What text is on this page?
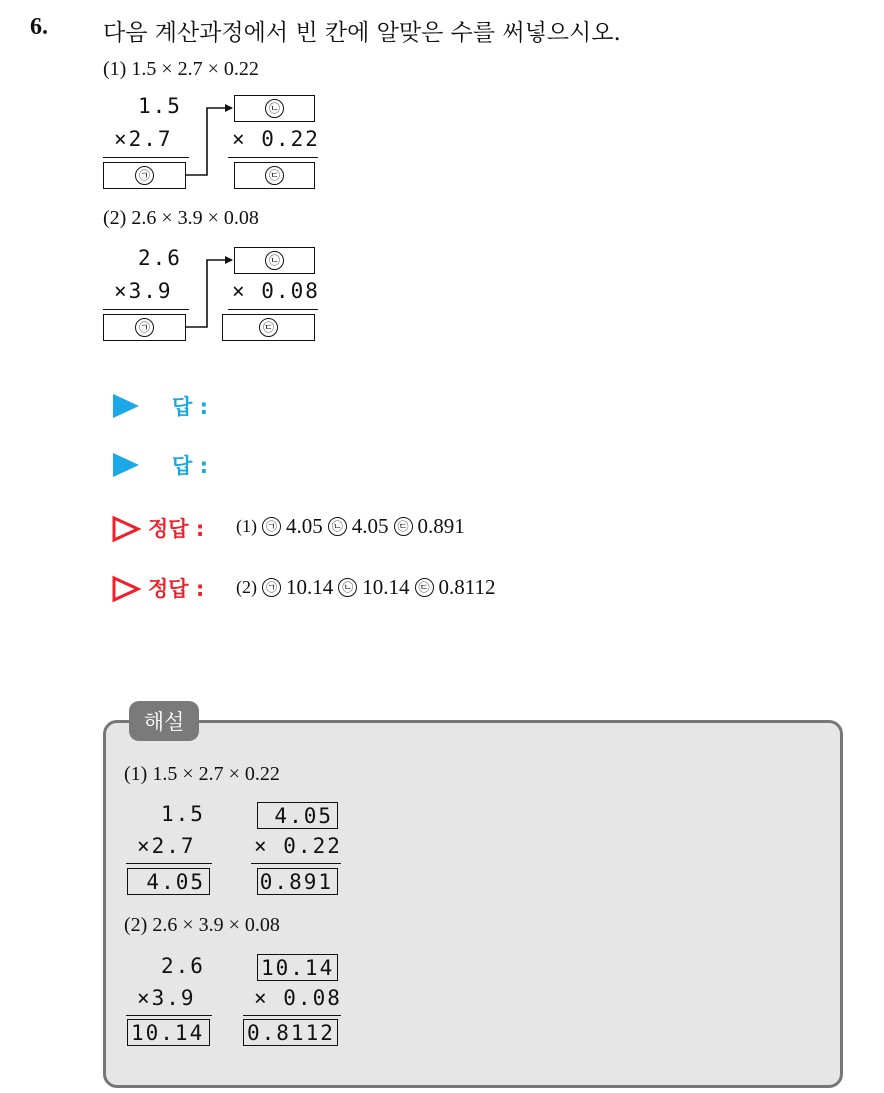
6. 다음 계산과정에서 빈 칸에 알맞은 수를 써넣으시오.
(1) 1.5 × 2.7 × 0.22
1.5
×2.7
㉠
㉡
× 0.22
㉢
(2) 2.6 × 3.9 × 0.08
2.6
×3.9
㉠
㉡
× 0.08
㉢
답 :
답 :
정답 : (1) ㉠ 4.05 ㉡ 4.05 ㉢ 0.891
정답 : (2) ㉠ 10.14 ㉡ 10.14 ㉢ 0.8112
해설
(1) 1.5 × 2.7 × 0.22
1.5
×2.7
4.05
4.05
× 0.22
0.891
(2) 2.6 × 3.9 × 0.08
2.6
×3.9
10.14
10.14
× 0.08
0.8112
